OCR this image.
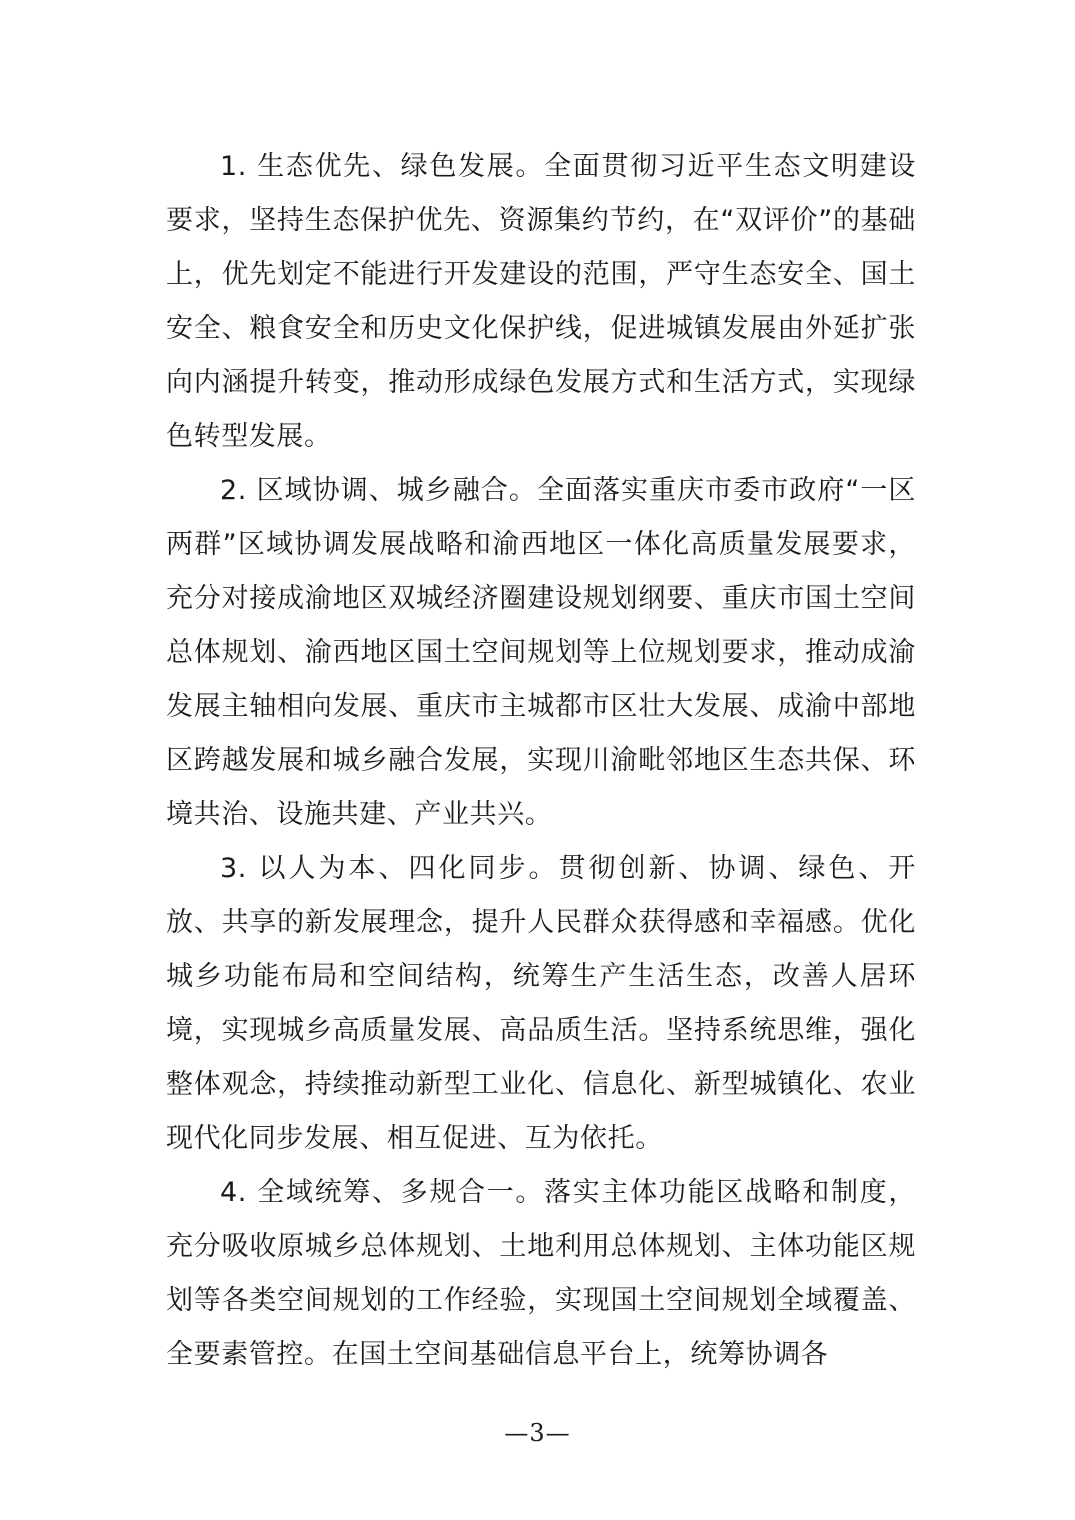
1. 生态优先、绿色发展。全面贯彻习近平生态文明建设要求，坚持生态保护优先、资源集约节约，在“双评价”的基础上，优先划定不能进行开发建设的范围，严守生态安全、国土安全、粮食安全和历史文化保护线，促进城镇发展由外延扩张向内涵提升转变，推动形成绿色发展方式和生活方式，实现绿色转型发展。

2. 区域协调、城乡融合。全面落实重庆市委市政府“一区两群”区域协调发展战略和渝西地区一体化高质量发展要求，充分对接成渝地区双城经济圈建设规划纲要、重庆市国土空间总体规划、渝西地区国土空间规划等上位规划要求，推动成渝发展主轴相向发展、重庆市主城都市区壮大发展、成渝中部地区跨越发展和城乡融合发展，实现川渝毗邻地区生态共保、环境共治、设施共建、产业共兴。

3. 以人为本、四化同步。贯彻创新、协调、绿色、开放、共享的新发展理念，提升人民群众获得感和幸福感。优化城乡功能布局和空间结构，统筹生产生活生态，改善人居环境，实现城乡高质量发展、高品质生活。坚持系统思维，强化整体观念，持续推动新型工业化、信息化、新型城镇化、农业现代化同步发展、相互促进、互为依托。

4. 全域统筹、多规合一。落实主体功能区战略和制度，充分吸收原城乡总体规划、土地利用总体规划、主体功能区规划等各类空间规划的工作经验，实现国土空间规划全域覆盖、全要素管控。在国土空间基础信息平台上，统筹协调各

—3—
